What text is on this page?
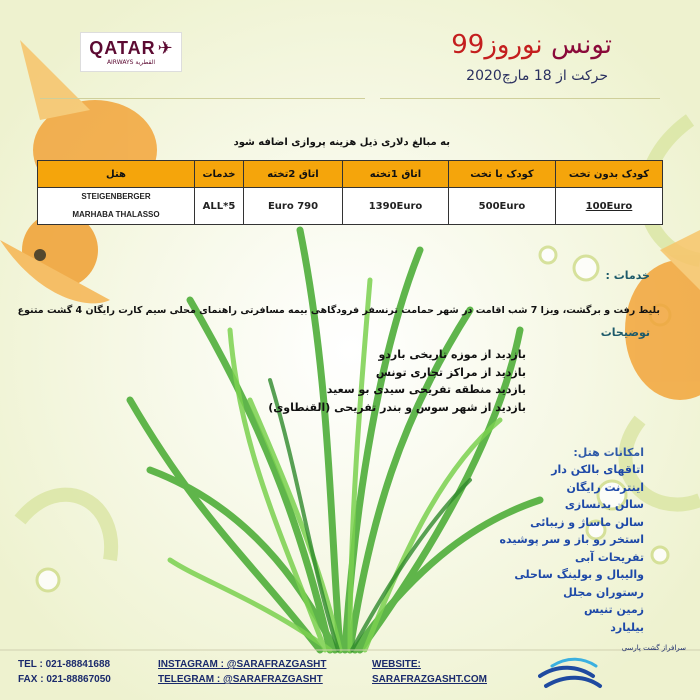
QATAR ✈
AIRWAYS القطرية
تونس نوروز99
حرکت از 18 مارچ2020
به مبالغ دلاری ذیل هزینه پروازی اضافه شود
کودک بدون تخت	کودک با تخت	اتاق 1تخته	اتاق 2تخته	خدمات	هتل
100Euro	500Euro	1390Euro	790 Euro	5*ALL	STEIGENBERGER
MARHABA THALASSO
خدمات :
بلیط رفت و برگشت، ویزا 7 شب اقامت در شهر حمامت ترنسفر فرودگاهی بیمه مسافرتی راهنمای محلی سیم کارت رایگان 4 گشت متنوع
توضیحات
بازدید از موزه تاریخی باردو
بازدید از مراکز تجاری تونس
بازدید منطقه تفریحی سیدی بو سعید
بازدید از شهر سوس و بندر تفریحی (القنطاوی)
امکانات هتل:
اتاقهای بالکن دار
اینترنت رایگان
سالن بدنسازی
سالن ماساژ و زیبائی
استخر رو باز و سر پوشیده
تفریحات آبی
والیبال و بولینگ ساحلی
رستوران مجلل
زمین تنیس
بیلیارد
TEL : 021-88841688
FAX : 021-88867050
INSTAGRAM : @SARAFRAZGASHT
TELEGRAM : @SARAFRAZGASHT
WEBSITE:
SARAFRAZGASHT.COM
سرافراز گشت پارسی
